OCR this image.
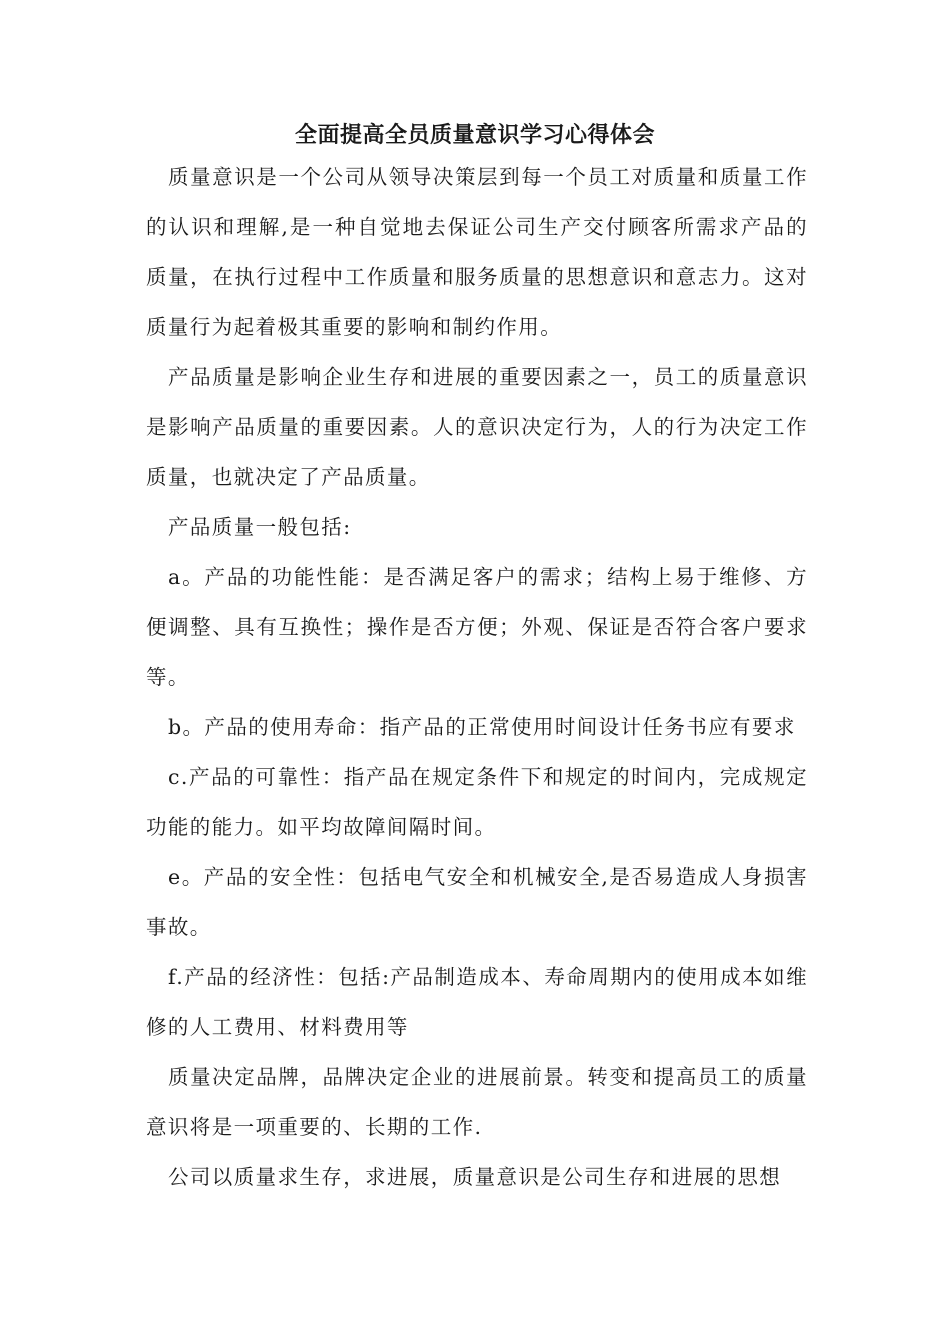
全面提高全员质量意识学习心得体会

质量意识是一个公司从领导决策层到每一个员工对质量和质量工作的认识和理解,是一种自觉地去保证公司生产交付顾客所需求产品的质量，在执行过程中工作质量和服务质量的思想意识和意志力。这对质量行为起着极其重要的影响和制约作用。

产品质量是影响企业生存和进展的重要因素之一，员工的质量意识是影响产品质量的重要因素。人的意识决定行为，人的行为决定工作质量，也就决定了产品质量。

产品质量一般包括:

a。产品的功能性能：是否满足客户的需求；结构上易于维修、方便调整、具有互换性；操作是否方便；外观、保证是否符合客户要求等。

b。产品的使用寿命：指产品的正常使用时间设计任务书应有要求

c.产品的可靠性：指产品在规定条件下和规定的时间内，完成规定功能的能力。如平均故障间隔时间。

e。产品的安全性：包括电气安全和机械安全,是否易造成人身损害事故。

f.产品的经济性：包括:产品制造成本、寿命周期内的使用成本如维修的人工费用、材料费用等

质量决定品牌，品牌决定企业的进展前景。转变和提高员工的质量意识将是一项重要的、长期的工作.

公司以质量求生存，求进展，质量意识是公司生存和进展的思想
